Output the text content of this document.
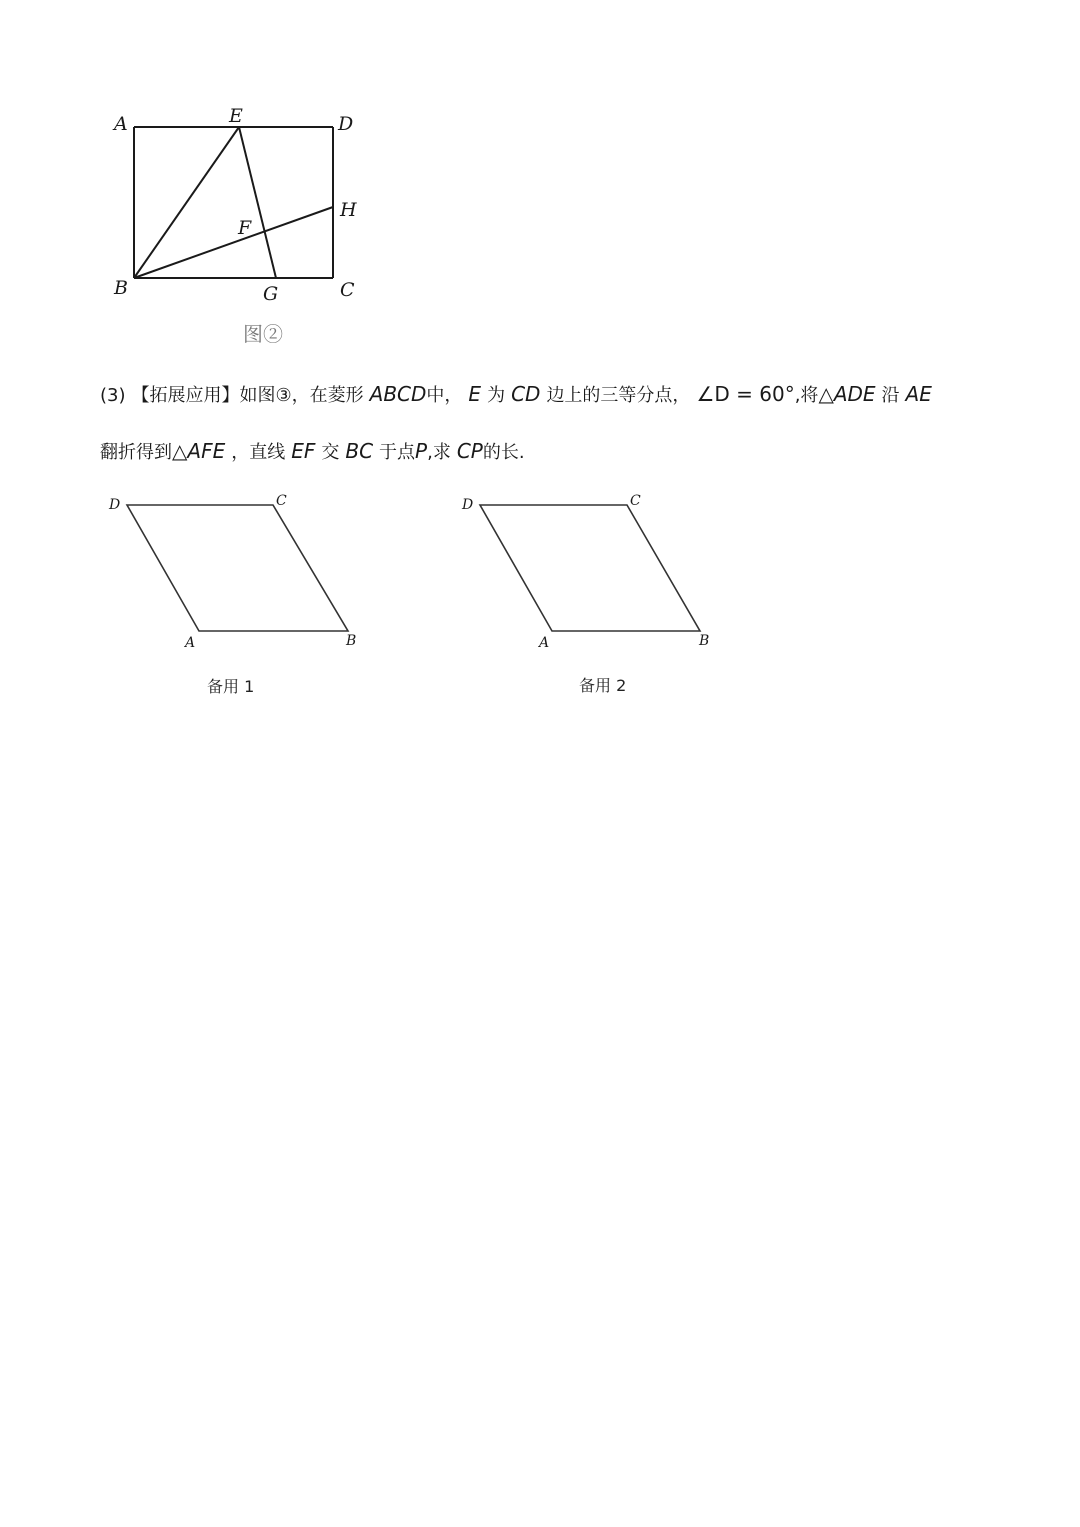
A	E	D
H
F
B	G	C
图②
(3) 【拓展应用】如图③，在菱形 ABCD中， E 为 CD 边上的三等分点， ∠D = 60°,将△ADE 沿 AE
翻折得到△AFE ，直线 EF 交 BC 于点P,求 CP的长.
D	C
A	B
备用 1
D	C
A	B
备用 2
